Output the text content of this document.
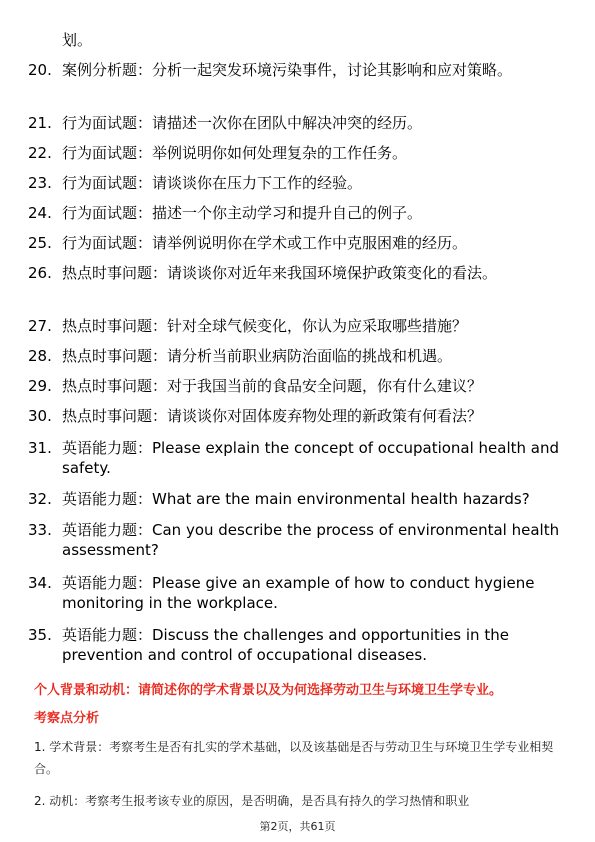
划。

20. 案例分析题：分析一起突发环境污染事件，讨论其影响和应对策略。
21. 行为面试题：请描述一次你在团队中解决冲突的经历。
22. 行为面试题：举例说明你如何处理复杂的工作任务。
23. 行为面试题：请谈谈你在压力下工作的经验。
24. 行为面试题：描述一个你主动学习和提升自己的例子。
25. 行为面试题：请举例说明你在学术或工作中克服困难的经历。
26. 热点时事问题：请谈谈你对近年来我国环境保护政策变化的看法。
27. 热点时事问题：针对全球气候变化，你认为应采取哪些措施？
28. 热点时事问题：请分析当前职业病防治面临的挑战和机遇。
29. 热点时事问题：对于我国当前的食品安全问题，你有什么建议？
30. 热点时事问题：请谈谈你对固体废弃物处理的新政策有何看法？
31. 英语能力题：Please explain the concept of occupational health and safety.
32. 英语能力题：What are the main environmental health hazards?
33. 英语能力题：Can you describe the process of environmental health assessment?
34. 英语能力题：Please give an example of how to conduct hygiene monitoring in the workplace.
35. 英语能力题：Discuss the challenges and opportunities in the prevention and control of occupational diseases.
个人背景和动机：请简述你的学术背景以及为何选择劳动卫生与环境卫生学专业。
考察点分析
1. 学术背景：考察考生是否有扎实的学术基础，以及该基础是否与劳动卫生与环境卫生学专业相契合。
2. 动机：考察考生报考该专业的原因，是否明确，是否具有持久的学习热情和职业
第2页，共61页
